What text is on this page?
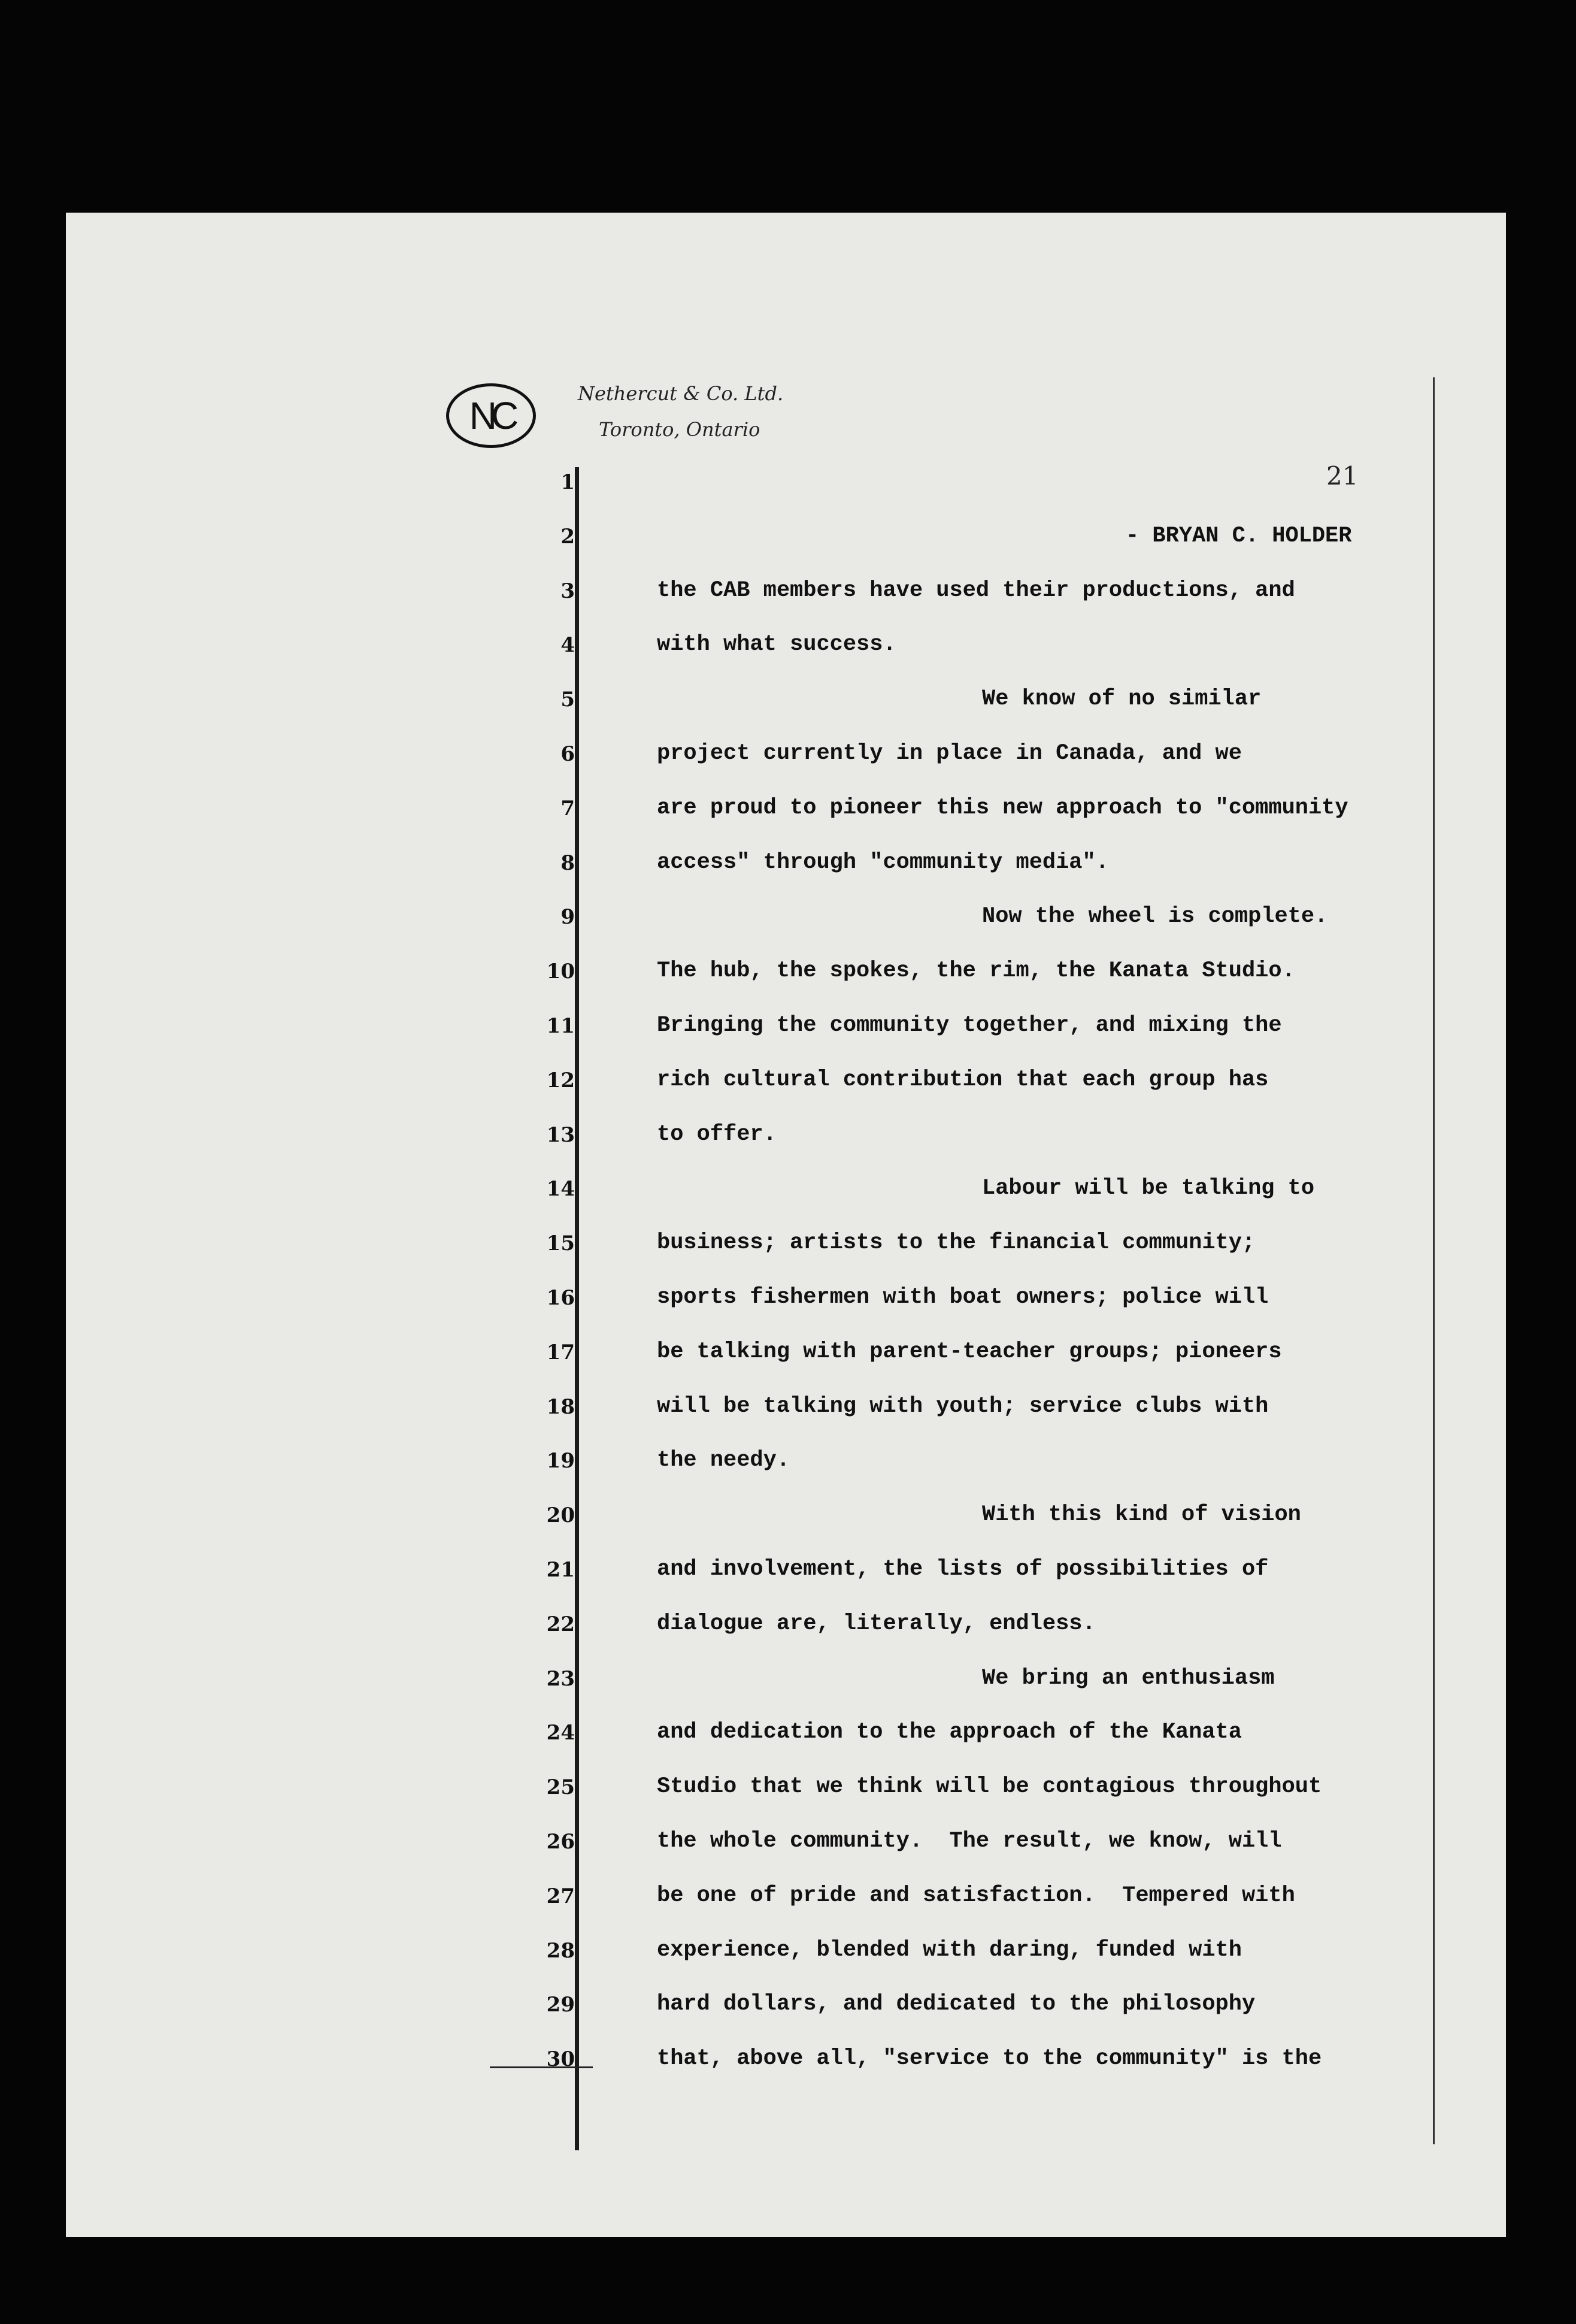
NC
Nethercut & Co. Ltd.
Toronto, Ontario
21
1
2
3
4
5
6
7
8
9
10
11
12
13
14
15
16
17
18
19
20
21
22
23
24
25
26
27
28
29
30
- BRYAN C. HOLDER
the CAB members have used their productions, and
with what success.
We know of no similar
project currently in place in Canada, and we
are proud to pioneer this new approach to "community
access" through "community media".
Now the wheel is complete.
The hub, the spokes, the rim, the Kanata Studio.
Bringing the community together, and mixing the
rich cultural contribution that each group has
to offer.
Labour will be talking to
business; artists to the financial community;
sports fishermen with boat owners; police will
be talking with parent-teacher groups; pioneers
will be talking with youth; service clubs with
the needy.
With this kind of vision
and involvement, the lists of possibilities of
dialogue are, literally, endless.
We bring an enthusiasm
and dedication to the approach of the Kanata
Studio that we think will be contagious throughout
the whole community.  The result, we know, will
be one of pride and satisfaction.  Tempered with
experience, blended with daring, funded with
hard dollars, and dedicated to the philosophy
that, above all, "service to the community" is the
